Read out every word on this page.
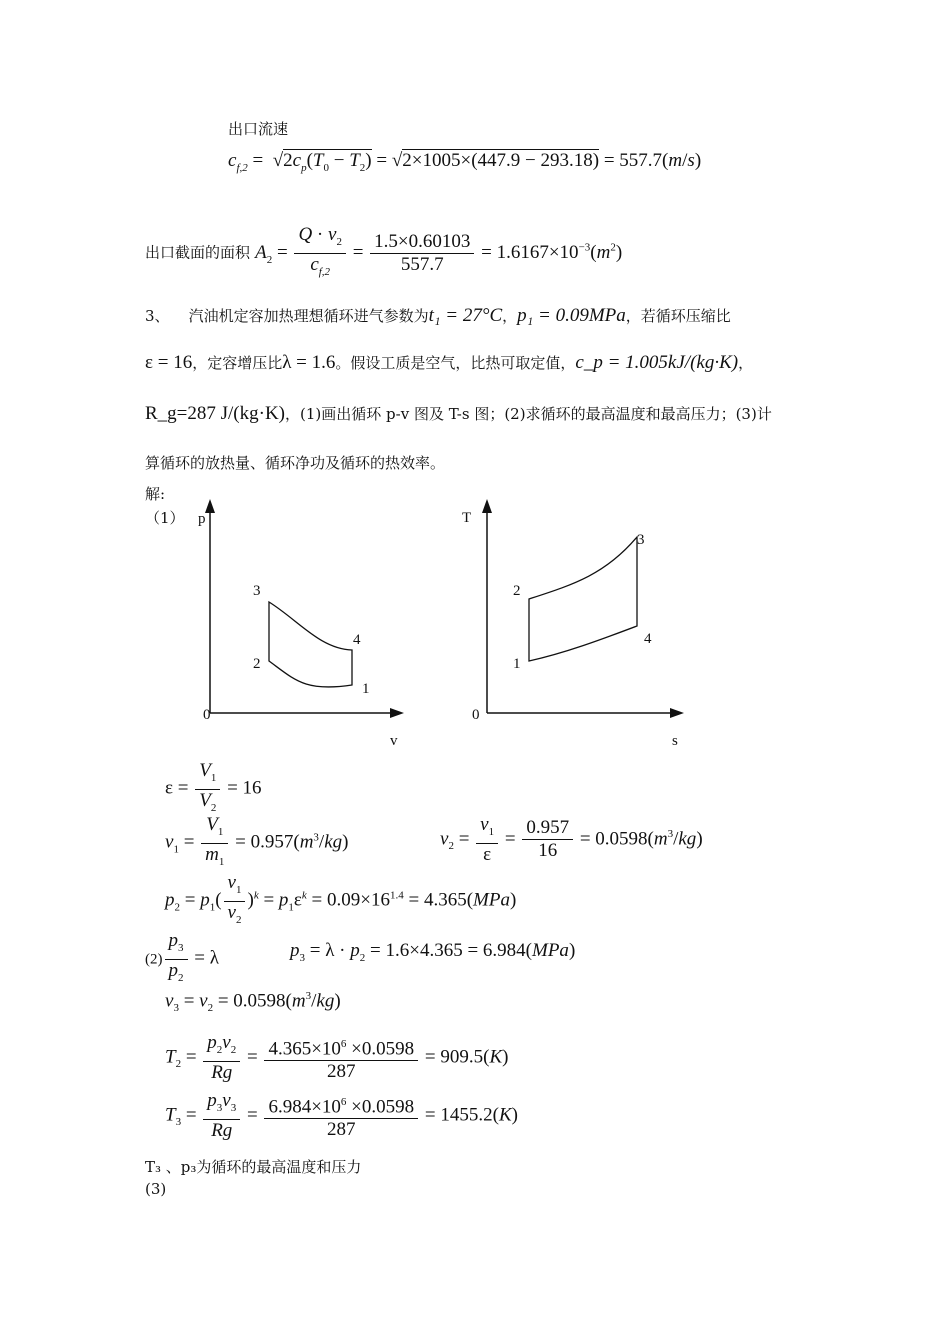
出口流速
$c_{f,2} = √2c_p(T_0 - T_2) = √2\times 1005\times(447.9 - 293.18) = 557.7(m/s)$
出口截面的面积 $A_2 = \frac{Q \cdot v_2}{c_{f,2}} = \frac{1.5\times 0.60103}{557.7} = 1.6167\times 10^{-3}(m^2)$
3、 汽油机定容加热理想循环进气参数为t₁ = 27°C，p₁ = 0.09MPa，若循环压缩比
ε = 16，定容增压比λ = 1.6。假设工质是空气，比热可取定值，c_p = 1.005kJ/(kg·K)，
R_g=287 J/(kg·K)，(1)画出循环 p-v 图及 T-s 图；(2)求循环的最高温度和最高压力；(3)计
算循环的放热量、循环净功及循环的热效率。
解:
（1） p
v
0
1
2
3
4
T
s
0
1
2
3
4
$\varepsilon = \frac{V_1}{V_2} = 16$
$v_1 = \frac{V_1}{m_1} = 0.957(m^3/kg)$	$v_2 = \frac{v_1}{\varepsilon} = \frac{0.957}{16} = 0.0598(m^3/kg)$
$p_2 = p_1( \frac{v_1}{v_2} )^k = p_1\varepsilon^k = 0.09\times 16^{1.4} = 4.365(MPa)$
$(2) \frac{p_3}{p_2} = \lambda$	$p_3 = \lambda \cdot p_2 = 1.6\times 4.365 = 6.984(MPa)$
$v_3 = v_2 = 0.0598(m^3/kg)$
$T_2 = \frac{p_2v_2}{Rg} = \frac{4.365\times 10^6 \times 0.0598}{287} = 909.5(K)$
$T_3 = \frac{p_3v_3}{Rg} = \frac{6.984\times 10^6 \times 0.0598}{287} = 1455.2(K)$
T₃ 、p₃为循环的最高温度和压力
(3)
